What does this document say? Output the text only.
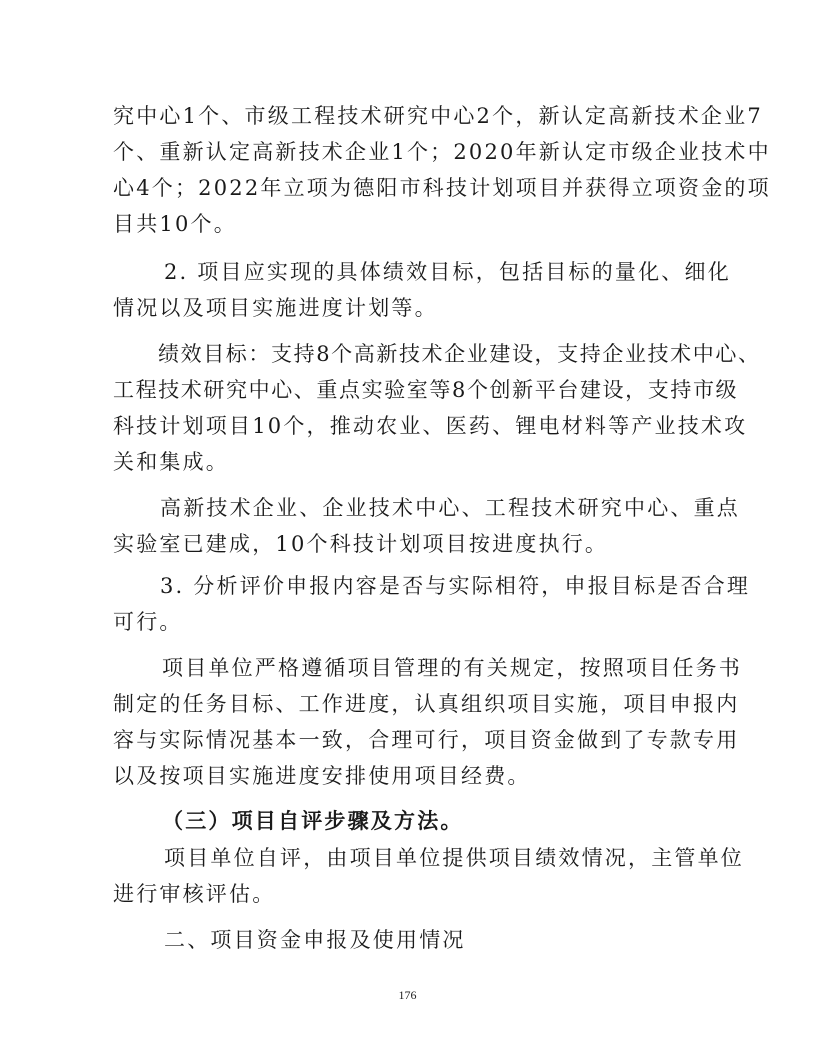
究中心1个、市级工程技术研究中心2个，新认定高新技术企业7
个、重新认定高新技术企业1个；2020年新认定市级企业技术中
心4个；2022年立项为德阳市科技计划项目并获得立项资金的项
目共10个。
2. 项目应实现的具体绩效目标，包括目标的量化、细化
情况以及项目实施进度计划等。
绩效目标：支持8个高新技术企业建设，支持企业技术中心、
工程技术研究中心、重点实验室等8个创新平台建设，支持市级
科技计划项目10个，推动农业、医药、锂电材料等产业技术攻
关和集成。
高新技术企业、企业技术中心、工程技术研究中心、重点
实验室已建成，10个科技计划项目按进度执行。
3. 分析评价申报内容是否与实际相符，申报目标是否合理
可行。
项目单位严格遵循项目管理的有关规定，按照项目任务书
制定的任务目标、工作进度，认真组织项目实施，项目申报内
容与实际情况基本一致，合理可行，项目资金做到了专款专用
以及按项目实施进度安排使用项目经费。
（三）项目自评步骤及方法。
项目单位自评，由项目单位提供项目绩效情况，主管单位
进行审核评估。
二、项目资金申报及使用情况
176
